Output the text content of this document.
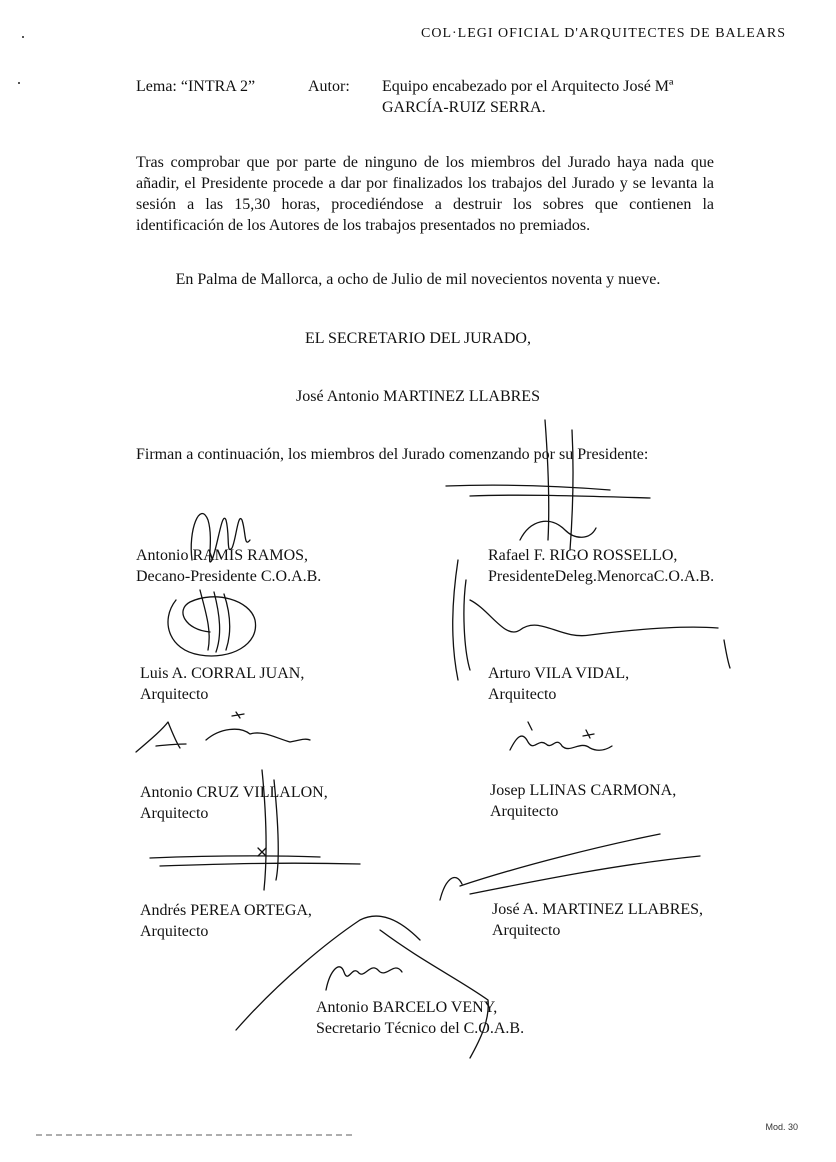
COL·LEGI OFICIAL D'ARQUITECTES DE BALEARS
Lema: “INTRA 2”	Autor: Equipo encabezado por el Arquitecto José Mª
GARCÍA-RUIZ SERRA.
Tras comprobar que por parte de ninguno de los miembros del Jurado haya nada que añadir, el Presidente procede a dar por finalizados los trabajos del Jurado y se levanta la sesión a las 15,30 horas, procediéndose a destruir los sobres que contienen la identificación de los Autores de los trabajos presentados no premiados.
En Palma de Mallorca, a ocho de Julio de mil novecientos noventa y nueve.
EL SECRETARIO DEL JURADO,
José Antonio MARTINEZ LLABRES
Firman a continuación, los miembros del Jurado comenzando por su Presidente:
Antonio RAMIS RAMOS,
Decano-Presidente C.O.A.B.
Rafael F. RIGO ROSSELLO,
PresidenteDeleg.MenorcaC.O.A.B.
Luis A. CORRAL JUAN,
Arquitecto
Arturo VILA VIDAL,
Arquitecto
Antonio CRUZ VILLALON,
Arquitecto
Josep LLINAS CARMONA,
Arquitecto
Andrés PEREA ORTEGA,
Arquitecto
José A. MARTINEZ LLABRES,
Arquitecto
Antonio BARCELO VENY,
Secretario Técnico del C.O.A.B.
Mod. 30
